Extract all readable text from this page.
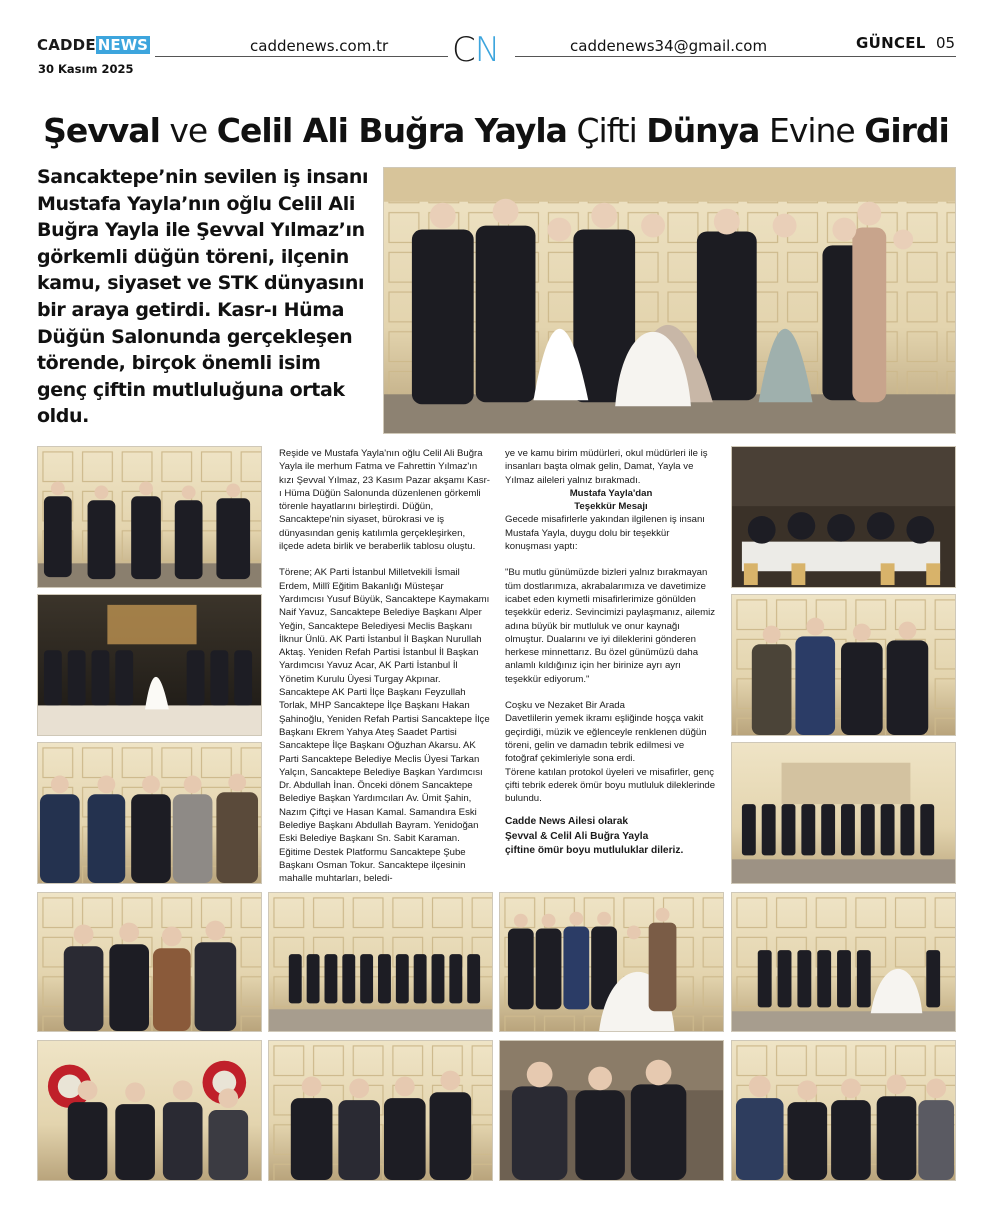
CADDE NEWS
30 Kasım 2025
caddenews.com.tr CN	caddenews34@gmail.com	GÜNCEL 05
Şevval ve Celil Ali Buğra Yayla Çifti Dünya Evine Girdi

Sancaktepe’nin sevilen iş insanı Mustafa Yayla’nın oğlu Celil Ali Buğra Yayla ile Şevval Yılmaz’ın görkemli düğün töreni, ilçenin kamu, siyaset ve STK dünyasını bir araya getirdi. Kasr-ı Hüma Düğün Salonunda gerçekleşen törende, birçok önemli isim genç çiftin mutluluğuna ortak oldu.

Reşide ve Mustafa Yayla'nın oğlu Celil Ali Buğra Yayla ile merhum Fatma ve Fahrettin Yılmaz'ın kızı Şevval Yılmaz, 23 Kasım Pazar akşamı Kasr-ı Hüma Düğün Salonunda düzenlenen görkemli törenle hayatlarını birleştirdi. Düğün, Sancaktepe'nin siyaset, bürokrasi ve iş dünyasından geniş katılımla gerçekleşirken, ilçede adeta birlik ve beraberlik tablosu oluştu.

Törene; AK Parti İstanbul Milletvekili İsmail Erdem, Millî Eğitim Bakanlığı Müsteşar Yardımcısı Yusuf Büyük, Sancaktepe Kaymakamı Naif Yavuz, Sancaktepe Belediye Başkanı Alper Yeğin, Sancaktepe Belediyesi Meclis Başkanı İlknur Ünlü. AK Parti İstanbul İl Başkan Nurullah Aktaş. Yeniden Refah Partisi İstanbul İl Başkan Yardımcısı Yavuz Acar, AK Parti İstanbul İl Yönetim Kurulu Üyesi Turgay Akpınar. Sancaktepe AK Parti İlçe Başkanı Feyzullah Torlak, MHP Sancaktepe İlçe Başkanı Hakan Şahinoğlu, Yeniden Refah Partisi Sancaktepe İlçe Başkanı Ekrem Yahya Ateş Saadet Partisi Sancaktepe İlçe Başkanı Oğuzhan Akarsu. AK Parti Sancaktepe Belediye Meclis Üyesi Tarkan Yalçın, Sancaktepe Belediye Başkan Yardımcısı Dr. Abdullah İnan. Önceki dönem Sancaktepe Belediye Başkan Yardımcıları Av. Ümit Şahin, Nazım Çiftçi ve Hasan Kamal. Samandıra Eski Belediye Başkanı Abdullah Bayram. Yenidoğan Eski Belediye Başkanı Sn. Sabit Karaman. Eğitime Destek Platformu Sancaktepe Şube Başkanı Osman Tokur. Sancaktepe ilçesinin mahalle muhtarları, beledi-

ye ve kamu birim müdürleri, okul müdürleri ile iş insanları başta olmak gelin, Damat, Yayla ve Yılmaz aileleri yalnız bırakmadı.

Mustafa Yayla'dan

Teşekkür Mesajı

Gecede misafirlerle yakından ilgilenen iş insanı Mustafa Yayla, duygu dolu bir teşekkür konuşması yaptı:

"Bu mutlu günümüzde bizleri yalnız bırakmayan tüm dostlarımıza, akrabalarımıza ve davetimize icabet eden kıymetli misafirlerimize gönülden teşekkür ederiz. Sevincimizi paylaşmanız, ailemiz adına büyük bir mutluluk ve onur kaynağı olmuştur. Dualarını ve iyi dileklerini gönderen herkese minnettarız. Bu özel günümüzü daha anlamlı kıldığınız için her birinize ayrı ayrı teşekkür ediyorum."

Coşku ve Nezaket Bir Arada

Davetlilerin yemek ikramı eşliğinde hoşça vakit geçirdiği, müzik ve eğlenceyle renklenen düğün töreni, gelin ve damadın tebrik edilmesi ve fotoğraf çekimleriyle sona erdi.

Törene katılan protokol üyeleri ve misafirler, genç çifti tebrik ederek ömür boyu mutluluk dileklerinde bulundu.

Cadde News Ailesi olarak

Şevval & Celil Ali Buğra Yayla

çiftine ömür boyu mutluluklar dileriz.
